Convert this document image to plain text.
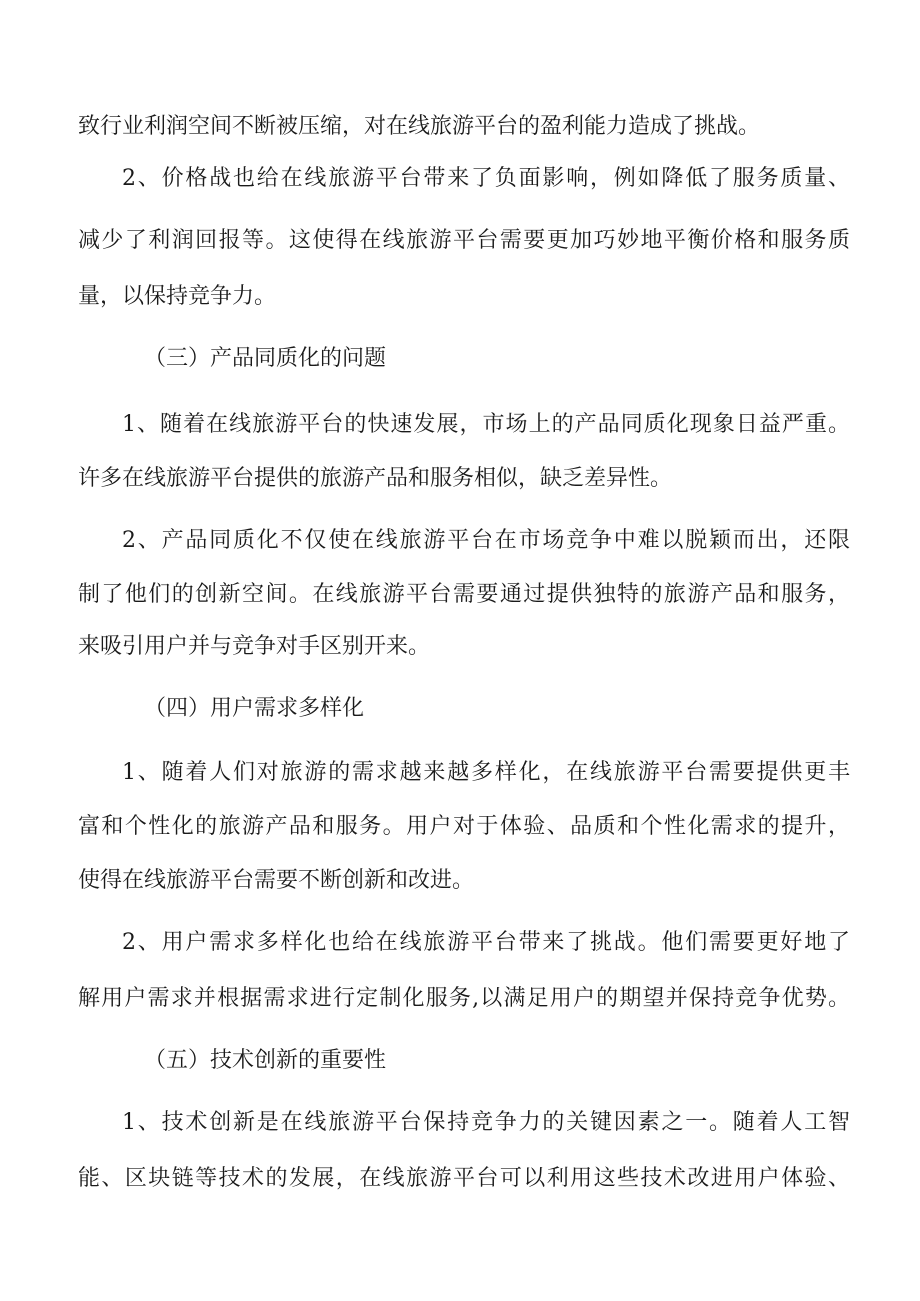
致行业利润空间不断被压缩，对在线旅游平台的盈利能力造成了挑战。
2、价格战也给在线旅游平台带来了负面影响，例如降低了服务质量、
减少了利润回报等。这使得在线旅游平台需要更加巧妙地平衡价格和服务质
量，以保持竞争力。
（三）产品同质化的问题
1、随着在线旅游平台的快速发展，市场上的产品同质化现象日益严重。
许多在线旅游平台提供的旅游产品和服务相似，缺乏差异性。
2、产品同质化不仅使在线旅游平台在市场竞争中难以脱颖而出，还限
制了他们的创新空间。在线旅游平台需要通过提供独特的旅游产品和服务，
来吸引用户并与竞争对手区别开来。
（四）用户需求多样化
1、随着人们对旅游的需求越来越多样化，在线旅游平台需要提供更丰
富和个性化的旅游产品和服务。用户对于体验、品质和个性化需求的提升，
使得在线旅游平台需要不断创新和改进。
2、用户需求多样化也给在线旅游平台带来了挑战。他们需要更好地了
解用户需求并根据需求进行定制化服务,以满足用户的期望并保持竞争优势。
（五）技术创新的重要性
1、技术创新是在线旅游平台保持竞争力的关键因素之一。随着人工智
能、区块链等技术的发展，在线旅游平台可以利用这些技术改进用户体验、
